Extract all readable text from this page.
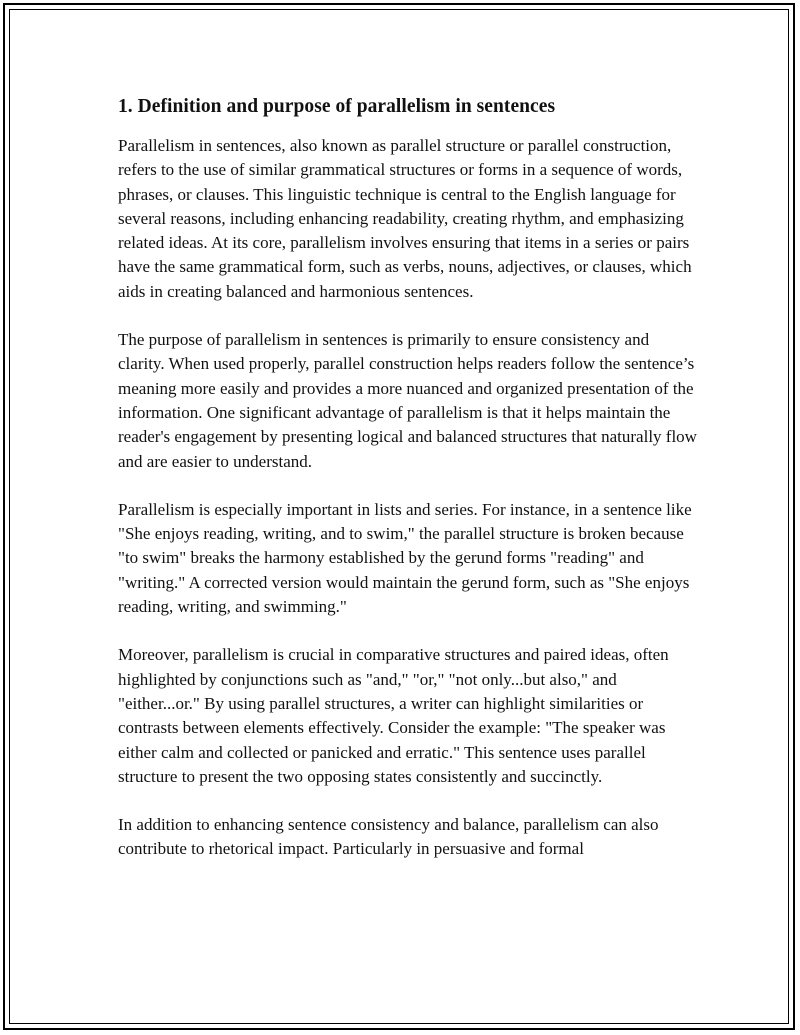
1. Definition and purpose of parallelism in sentences

Parallelism in sentences, also known as parallel structure or parallel construction, refers to the use of similar grammatical structures or forms in a sequence of words, phrases, or clauses. This linguistic technique is central to the English language for several reasons, including enhancing readability, creating rhythm, and emphasizing related ideas. At its core, parallelism involves ensuring that items in a series or pairs have the same grammatical form, such as verbs, nouns, adjectives, or clauses, which aids in creating balanced and harmonious sentences.

The purpose of parallelism in sentences is primarily to ensure consistency and clarity. When used properly, parallel construction helps readers follow the sentence’s meaning more easily and provides a more nuanced and organized presentation of the information. One significant advantage of parallelism is that it helps maintain the reader's engagement by presenting logical and balanced structures that naturally flow and are easier to understand.

Parallelism is especially important in lists and series. For instance, in a sentence like "She enjoys reading, writing, and to swim," the parallel structure is broken because "to swim" breaks the harmony established by the gerund forms "reading" and "writing." A corrected version would maintain the gerund form, such as "She enjoys reading, writing, and swimming."

Moreover, parallelism is crucial in comparative structures and paired ideas, often highlighted by conjunctions such as "and," "or," "not only...but also," and "either...or." By using parallel structures, a writer can highlight similarities or contrasts between elements effectively. Consider the example: "The speaker was either calm and collected or panicked and erratic." This sentence uses parallel structure to present the two opposing states consistently and succinctly.

In addition to enhancing sentence consistency and balance, parallelism can also contribute to rhetorical impact. Particularly in persuasive and formal
